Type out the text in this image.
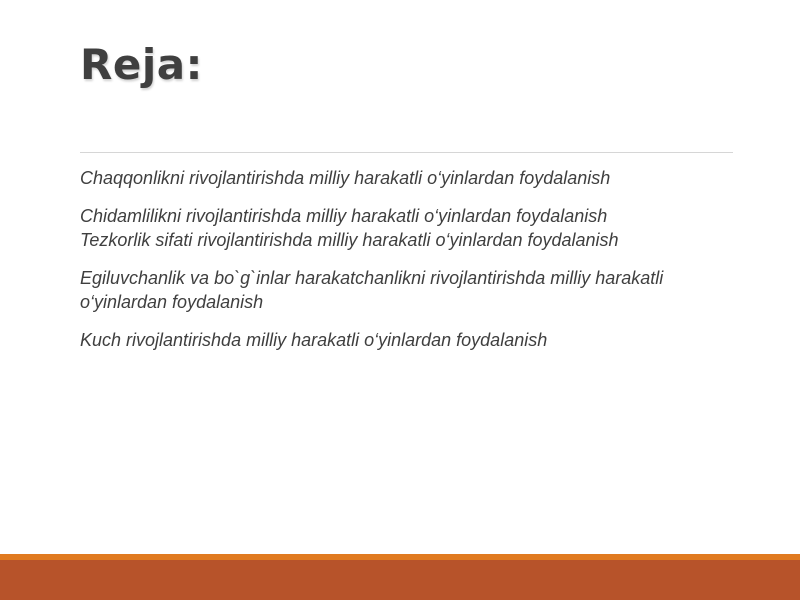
Reja:

Chaqqonlikni rivojlantirishda milliy harakatli o‘yinlardan foydalanish

Chidamlilikni rivojlantirishda milliy harakatli o‘yinlardan foydalanish
Tezkorlik sifati rivojlantirishda milliy harakatli o‘yinlardan foydalanish

Egiluvchanlik va bo`g`inlar harakatchanlikni rivojlantirishda milliy harakatli o‘yinlardan foydalanish

Kuch rivojlantirishda milliy harakatli o‘yinlardan foydalanish
